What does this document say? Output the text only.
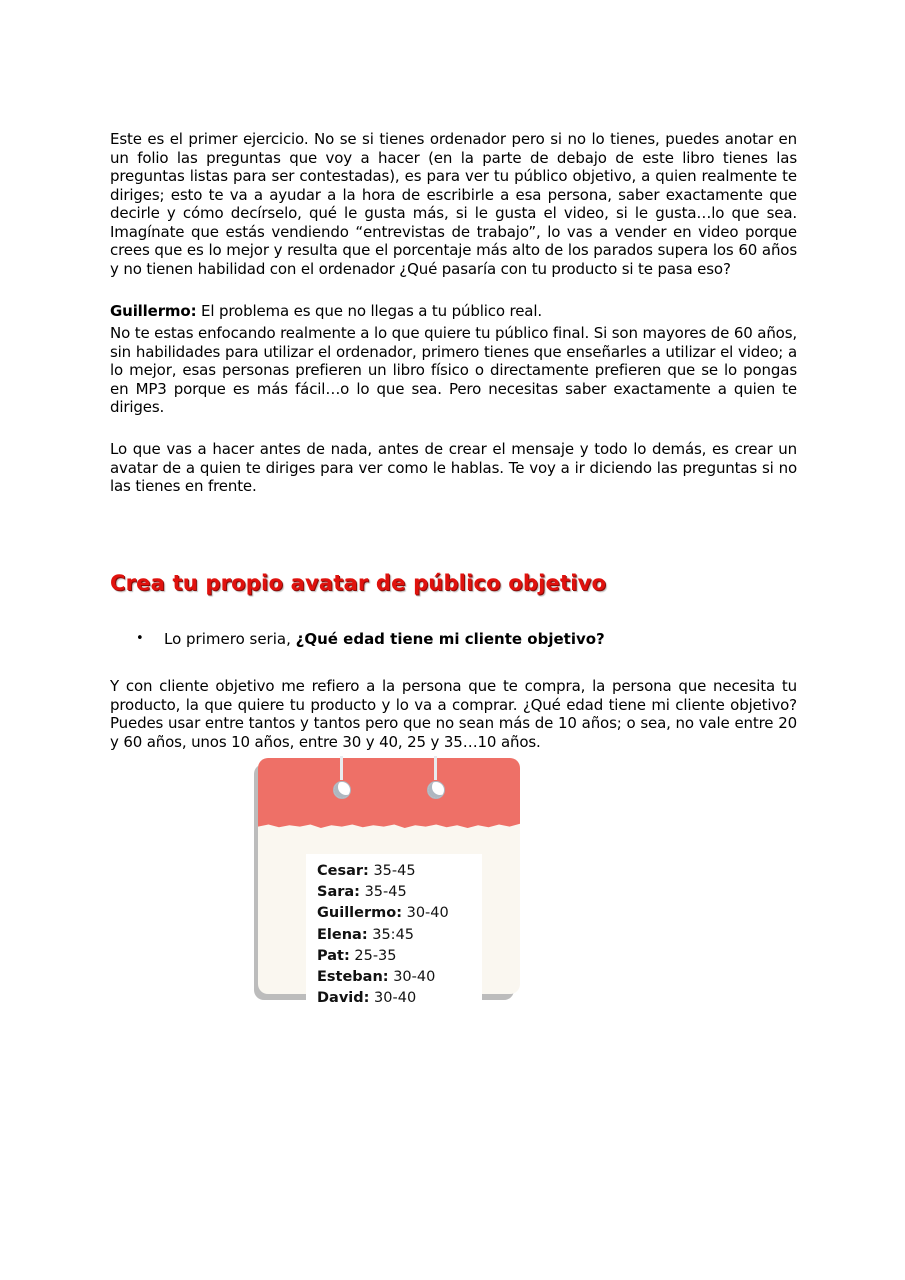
Este es el primer ejercicio. No se si tienes ordenador pero si no lo tienes, puedes anotar en un folio las preguntas que voy a hacer (en la parte de debajo de este libro tienes las preguntas listas para ser contestadas), es para ver tu público objetivo, a quien realmente te diriges; esto te va a ayudar a la hora de escribirle a esa persona, saber exactamente que decirle y cómo decírselo, qué le gusta más, si le gusta el video, si le gusta…lo que sea. Imagínate que estás vendiendo “entrevistas de trabajo”, lo vas a vender en video porque crees que es lo mejor y resulta que el porcentaje más alto de los parados supera los 60 años y no tienen habilidad con el ordenador ¿Qué pasaría con tu producto si te pasa eso?

Guillermo: El problema es que no llegas a tu público real.

No te estas enfocando realmente a lo que quiere tu público final. Si son mayores de 60 años, sin habilidades para utilizar el ordenador, primero tienes que enseñarles a utilizar el video; a lo mejor, esas personas prefieren un libro físico o directamente prefieren que se lo pongas en MP3 porque es más fácil…o lo que sea. Pero necesitas saber exactamente a quien te diriges.

Lo que vas a hacer antes de nada, antes de crear el mensaje y todo lo demás, es crear un avatar de a quien te diriges para ver como le hablas. Te voy a ir diciendo las preguntas si no las tienes en frente.

Crea tu propio avatar de público objetivo
•	Lo primero seria, ¿Qué edad tiene mi cliente objetivo?

Y con cliente objetivo me refiero a la persona que te compra, la persona que necesita tu producto, la que quiere tu producto y lo va a comprar. ¿Qué edad tiene mi cliente objetivo? Puedes usar entre tantos y tantos pero que no sean más de 10 años; o sea, no vale entre 20 y 60 años, unos 10 años, entre 30 y 40, 25 y 35…10 años.

Cesar: 35-45
Sara: 35-45
Guillermo: 30-40
Elena: 35:45
Pat: 25-35
Esteban: 30-40
David: 30-40
